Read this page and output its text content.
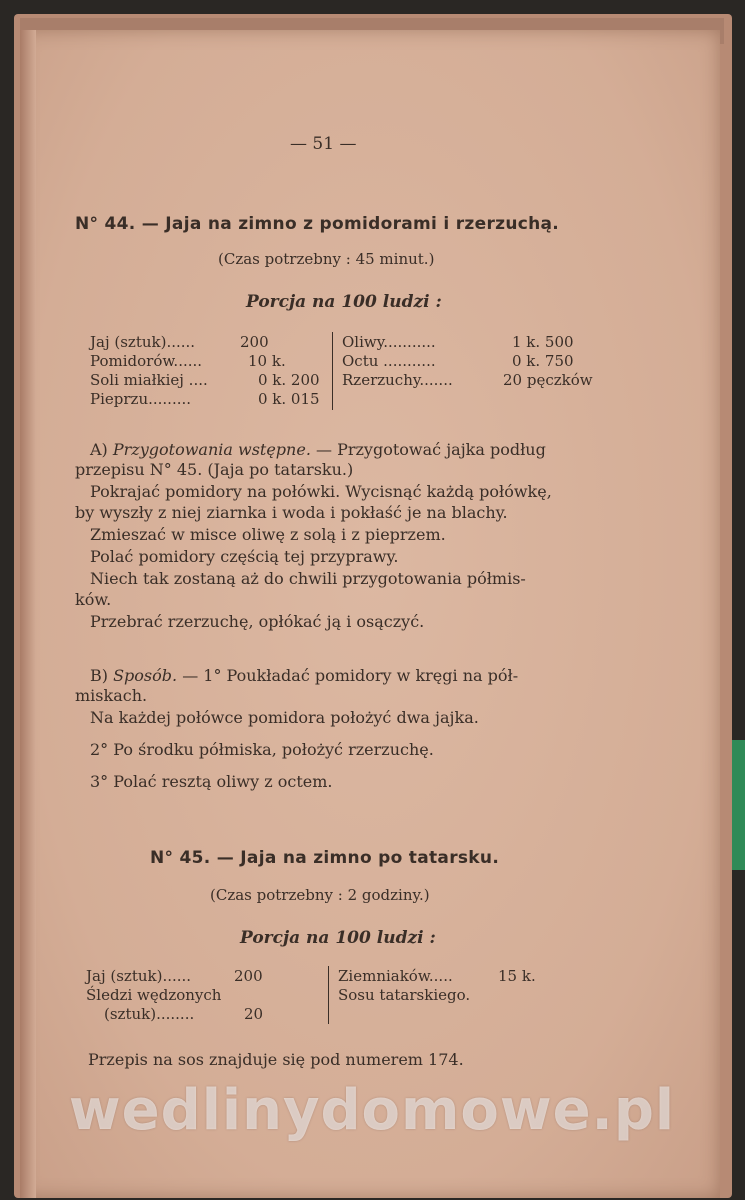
— 51 —
N° 44. — Jaja na zimno z pomidorami i rzerzuchą.
(Czas potrzebny : 45 minut.)
Porcja na 100 ludzi :
Jaj (sztuk)......	200
Pomidorów......	10 k.
Soli miałkiej ....	0 k. 200
Pieprzu.........	0 k. 015
Oliwy...........	1 k. 500
Octu ...........	0 k. 750
Rzerzuchy.......	20 pęczków
A) Przygotowania wstępne. — Przygotować jajka podług
przepisu N° 45. (Jaja po tatarsku.)
Pokrajać pomidory na połówki. Wycisnąć każdą połówkę,
by wyszły z niej ziarnka i woda i pokłaść je na blachy.
Zmieszać w misce oliwę z solą i z pieprzem.
Polać pomidory częścią tej przyprawy.
Niech tak zostaną aż do chwili przygotowania półmis-
ków.
Przebrać rzerzuchę, opłókać ją i osączyć.
B) Sposób. — 1° Poukładać pomidory w kręgi na pół-
miskach.
Na każdej połówce pomidora położyć dwa jajka.
2° Po środku półmiska, położyć rzerzuchę.
3° Polać resztą oliwy z octem.
N° 45. — Jaja na zimno po tatarsku.
(Czas potrzebny : 2 godziny.)
Porcja na 100 ludzi :
Jaj (sztuk)......	200
Śledzi wędzonych
(sztuk)........	20
Ziemniaków.....	15 k.
Sosu tatarskiego.
Przepis na sos znajduje się pod numerem 174.
wedlinydomowe.pl
